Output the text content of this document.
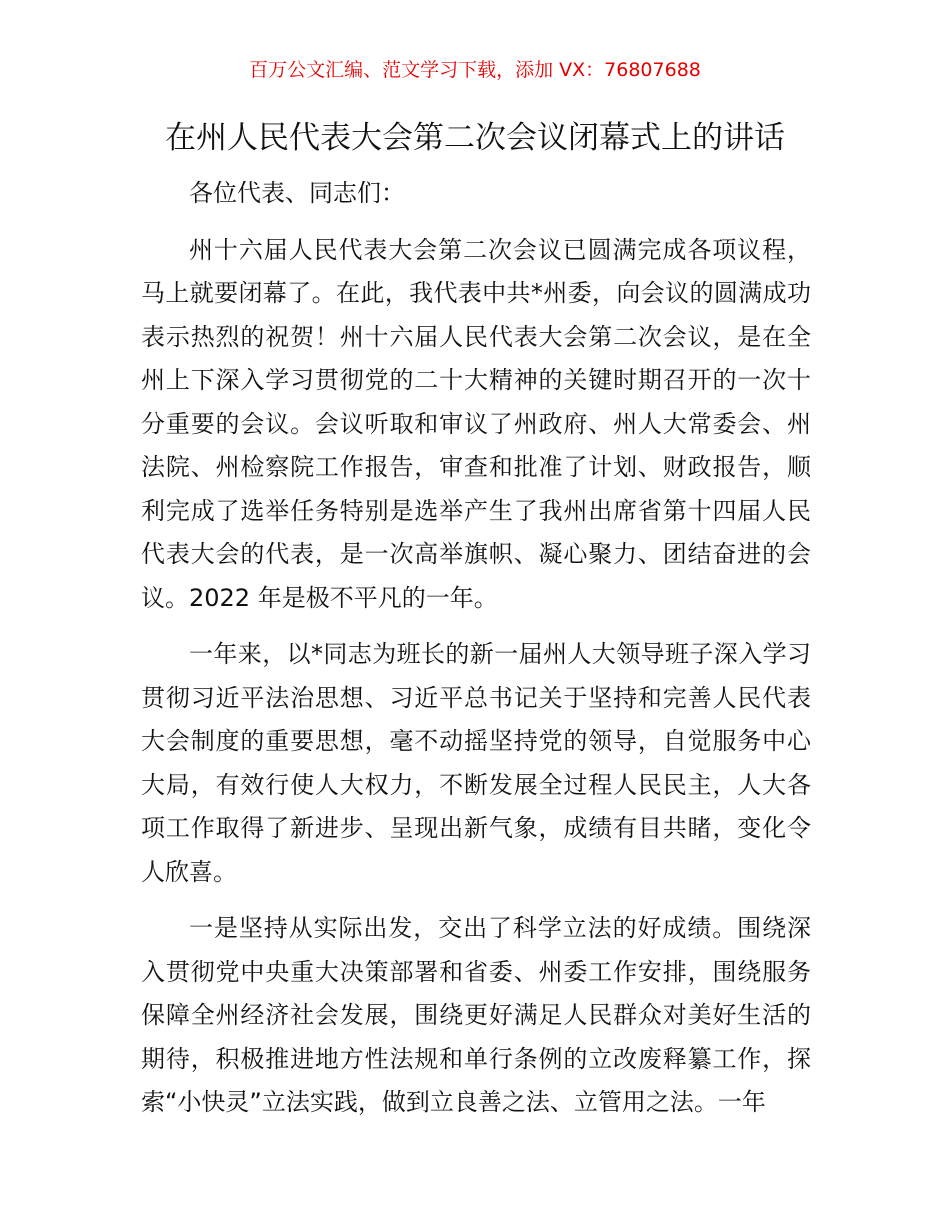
百万公文汇编、范文学习下载，添加 VX：76807688
在州人民代表大会第二次会议闭幕式上的讲话

各位代表、同志们：

州十六届人民代表大会第二次会议已圆满完成各项议程，马上就要闭幕了。在此，我代表中共*州委，向会议的圆满成功表示热烈的祝贺！州十六届人民代表大会第二次会议，是在全州上下深入学习贯彻党的二十大精神的关键时期召开的一次十分重要的会议。会议听取和审议了州政府、州人大常委会、州法院、州检察院工作报告，审查和批准了计划、财政报告，顺利完成了选举任务特别是选举产生了我州出席省第十四届人民代表大会的代表，是一次高举旗帜、凝心聚力、团结奋进的会议。2022 年是极不平凡的一年。

一年来，以*同志为班长的新一届州人大领导班子深入学习贯彻习近平法治思想、习近平总书记关于坚持和完善人民代表大会制度的重要思想，毫不动摇坚持党的领导，自觉服务中心大局，有效行使人大权力，不断发展全过程人民民主，人大各项工作取得了新进步、呈现出新气象，成绩有目共睹，变化令人欣喜。

一是坚持从实际出发，交出了科学立法的好成绩。围绕深入贯彻党中央重大决策部署和省委、州委工作安排，围绕服务保障全州经济社会发展，围绕更好满足人民群众对美好生活的期待，积极推进地方性法规和单行条例的立改废释纂工作，探索“小快灵”立法实践，做到立良善之法、立管用之法。一年
